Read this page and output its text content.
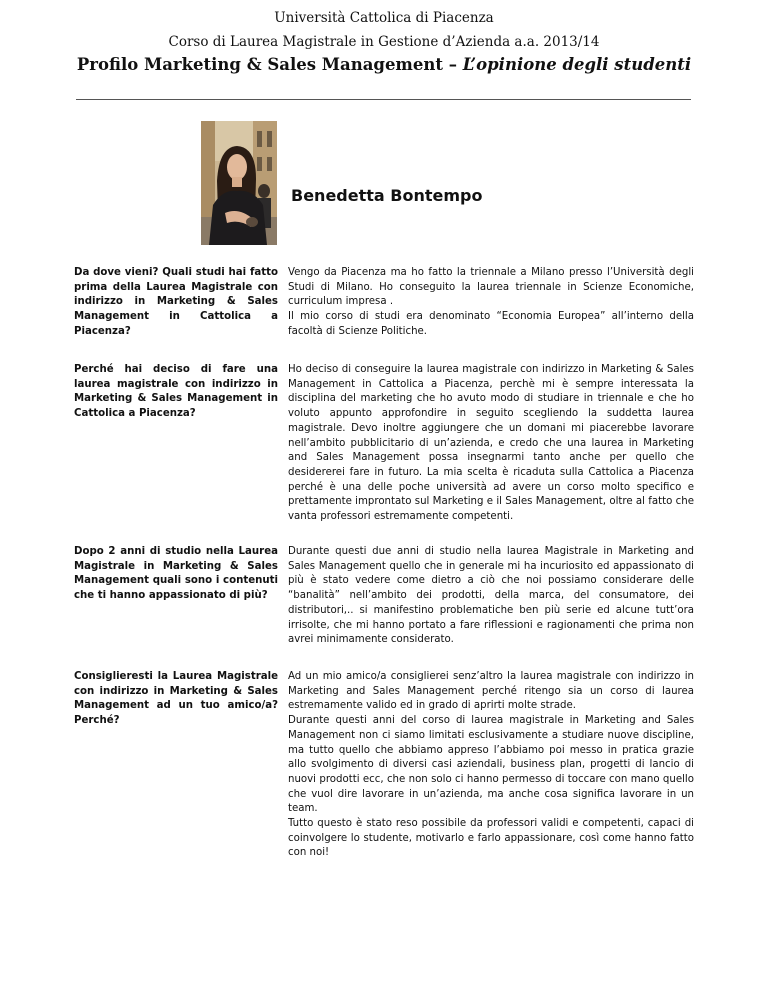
Università Cattolica di Piacenza
Corso di Laurea Magistrale in Gestione d’Azienda a.a. 2013/14
Profilo Marketing & Sales Management – L’opinione degli studenti
Benedetta Bontempo
Da dove vieni? Quali studi hai fatto prima della Laurea Magistrale con indirizzo in Marketing & Sales Management in Cattolica a Piacenza?

Vengo da Piacenza ma ho fatto la triennale a Milano presso l’Università degli Studi di Milano. Ho conseguito la laurea triennale in Scienze Economiche, curriculum impresa .

Il mio corso di studi era denominato “Economia Europea” all’interno della facoltà di Scienze Politiche.

Perché hai deciso di fare una laurea magistrale con indirizzo in Marketing & Sales Management in Cattolica a Piacenza?

Ho deciso di conseguire la laurea magistrale con indirizzo in Marketing & Sales Management in Cattolica a Piacenza, perchè mi è sempre interessata la disciplina del marketing che ho avuto modo di studiare in triennale e che ho voluto appunto approfondire in seguito scegliendo la suddetta laurea magistrale. Devo inoltre aggiungere che un domani mi piacerebbe lavorare nell’ambito pubblicitario di un’azienda, e credo che una laurea in Marketing and Sales Management possa insegnarmi tanto anche per quello che desidererei fare in futuro. La mia scelta è ricaduta sulla Cattolica a Piacenza perché è una delle poche università ad avere un corso molto specifico e prettamente improntato sul Marketing e il Sales Management, oltre al fatto che vanta professori estremamente competenti.

Dopo 2 anni di studio nella Laurea Magistrale in Marketing & Sales Management quali sono i contenuti che ti hanno appassionato di più?

Durante questi due anni di studio nella laurea Magistrale in Marketing and Sales Management quello che in generale mi ha incuriosito ed appassionato di più è stato vedere come dietro a ciò che noi possiamo considerare delle “banalità” nell’ambito dei prodotti, della marca, del consumatore, dei distributori,.. si manifestino problematiche ben più serie ed alcune tutt’ora irrisolte, che mi hanno portato a fare riflessioni e ragionamenti che prima non avrei minimamente considerato.

Consiglieresti la Laurea Magistrale con indirizzo in Marketing & Sales Management ad un tuo amico/a? Perché?

Ad un mio amico/a consiglierei senz’altro la laurea magistrale con indirizzo in Marketing and Sales Management perché ritengo sia un corso di laurea estremamente valido ed in grado di aprirti molte strade.

Durante questi anni del corso di laurea magistrale in Marketing and Sales Management non ci siamo limitati esclusivamente a studiare nuove discipline, ma tutto quello che abbiamo appreso l’abbiamo poi messo in pratica grazie allo svolgimento di diversi casi aziendali, business plan, progetti di lancio di nuovi prodotti ecc, che non solo ci hanno permesso di toccare con mano quello che vuol dire lavorare in un’azienda, ma anche cosa significa lavorare in un team.

Tutto questo è stato reso possibile da professori validi e competenti, capaci di coinvolgere lo studente, motivarlo e farlo appassionare, così come hanno fatto con noi!
